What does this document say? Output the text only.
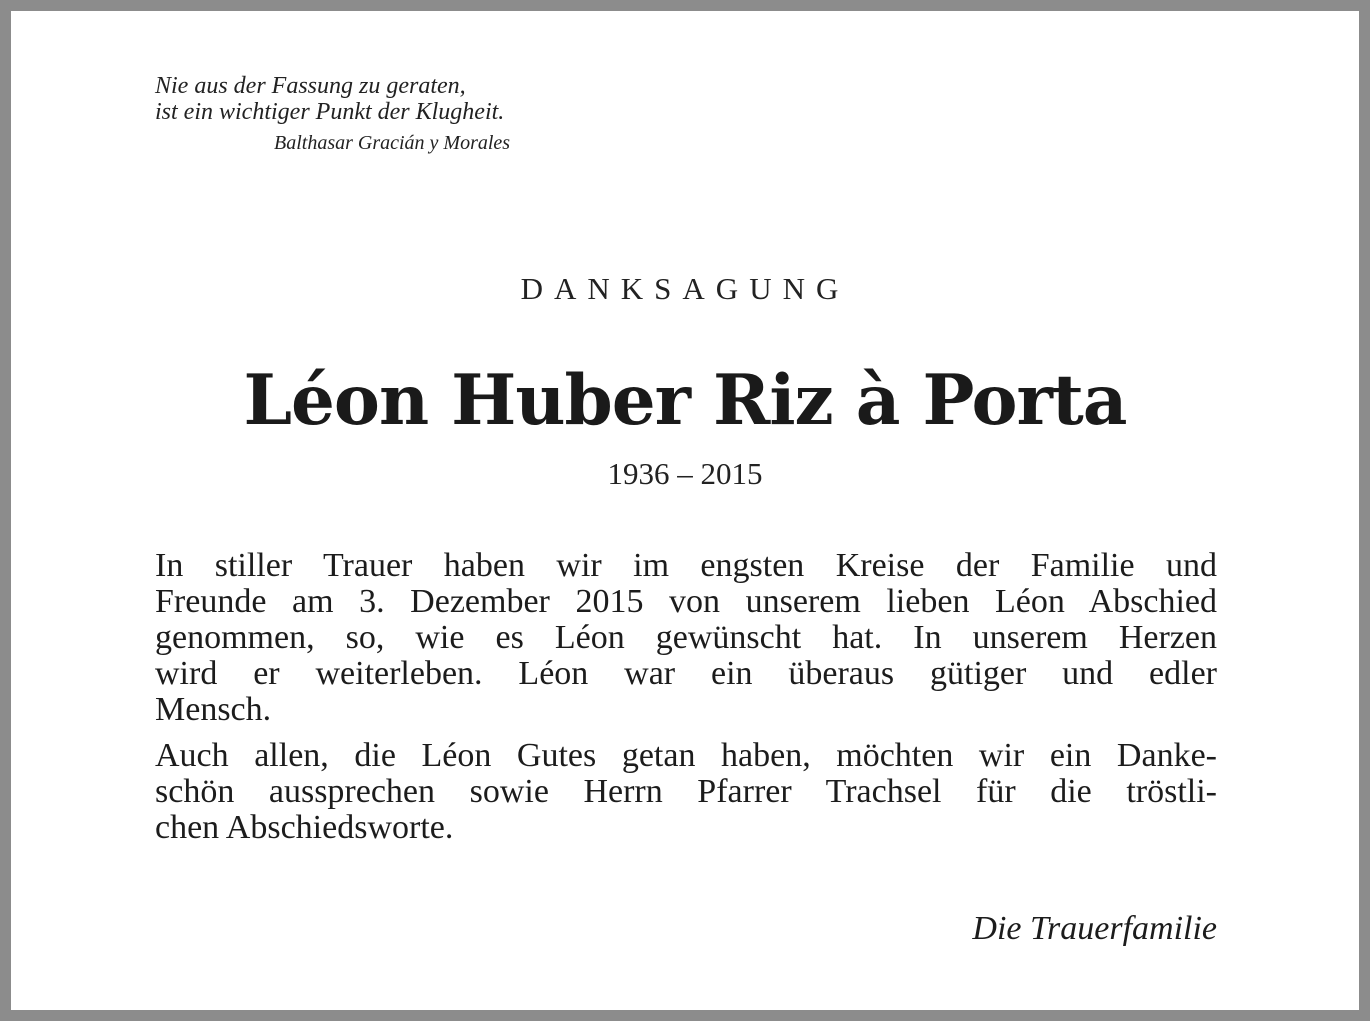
Nie aus der Fassung zu geraten,
ist ein wichtiger Punkt der Klugheit.
Balthasar Gracián y Morales
DANKSAGUNG
Léon Huber Riz à Porta
1936 – 2015
In stiller Trauer haben wir im engsten Kreise der Familie und
Freunde am 3. Dezember 2015 von unserem lieben Léon Abschied
genommen, so, wie es Léon gewünscht hat. In unserem Herzen
wird er weiterleben. Léon war ein überaus gütiger und edler
Mensch.
Auch allen, die Léon Gutes getan haben, möchten wir ein Danke-
schön aussprechen sowie Herrn Pfarrer Trachsel für die tröstli-
chen Abschiedsworte.
Die Trauerfamilie
